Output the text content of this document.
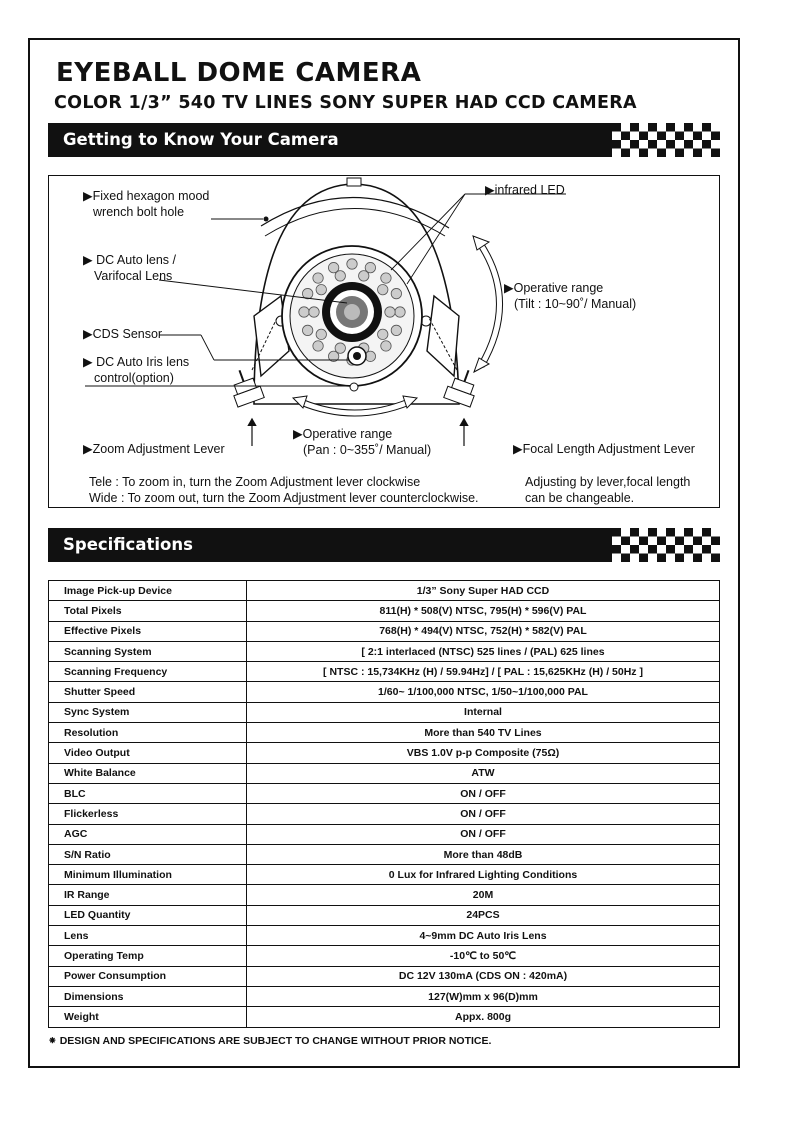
EYEBALL DOME CAMERA
COLOR 1/3” 540 TV LINES SONY SUPER HAD CCD CAMERA
Getting to Know Your Camera
▶Fixed hexagon mood
wrench bolt hole
▶ DC Auto lens /
Varifocal Lens
▶CDS Sensor
▶ DC Auto Iris lens
control(option)
▶infrared LED
▶Operative range
(Tilt : 10~90˚/ Manual)
▶Operative range
(Pan : 0~355˚/ Manual)
▶Zoom Adjustment Lever	▶Focal Length Adjustment Lever
Tele : To zoom in, turn the Zoom Adjustment lever clockwise
Wide : To zoom out, turn the Zoom Adjustment lever counterclockwise.
Adjusting by lever,focal length
can be changeable.
Specifications
Image Pick-up Device	1/3” Sony Super HAD CCD
Total Pixels	811(H) * 508(V) NTSC, 795(H) * 596(V) PAL
Effective Pixels	768(H) * 494(V) NTSC, 752(H) * 582(V) PAL
Scanning System	[ 2:1 interlaced (NTSC) 525 lines / (PAL) 625 lines
Scanning Frequency	[ NTSC : 15,734KHz (H) / 59.94Hz] / [ PAL : 15,625KHz (H) / 50Hz ]
Shutter Speed	1/60~ 1/100,000 NTSC, 1/50~1/100,000 PAL
Sync System	Internal
Resolution	More than 540 TV Lines
Video Output	VBS 1.0V p-p Composite (75Ω)
White Balance	ATW
BLC	ON / OFF
Flickerless	ON / OFF
AGC	ON / OFF
S/N Ratio	More than 48dB
Minimum Illumination	0 Lux for Infrared Lighting Conditions
IR Range	20M
LED Quantity	24PCS
Lens	4~9mm DC Auto Iris Lens
Operating Temp	-10℃ to 50℃
Power Consumption	DC 12V 130mA (CDS ON : 420mA)
Dimensions	127(W)mm x 96(D)mm
Weight	Appx. 800g
⁕ DESIGN AND SPECIFICATIONS ARE SUBJECT TO CHANGE WITHOUT PRIOR NOTICE.
